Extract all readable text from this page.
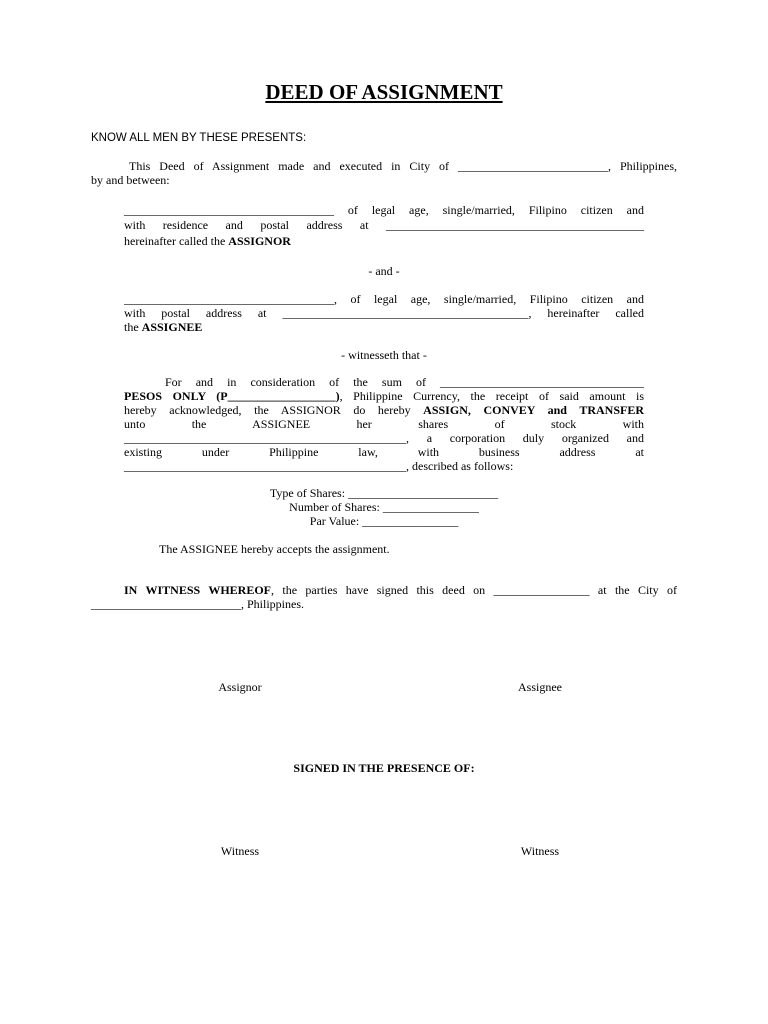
DEED OF ASSIGNMENT
KNOW ALL MEN BY THESE PRESENTS:
This Deed of Assignment made and executed in City of _________________________, Philippines,
by and between:
___________________________________ of legal age, single/married, Filipino citizen and
with residence and postal address at ___________________________________________
hereinafter called the ASSIGNOR
- and -
___________________________________, of legal age, single/married, Filipino citizen and
with postal address at _________________________________________, hereinafter called
the ASSIGNEE
- witnesseth that -
For and in consideration of the sum of __________________________________
PESOS ONLY (P__________________), Philippine Currency, the receipt of said amount is
hereby acknowledged, the ASSIGNOR do hereby ASSIGN, CONVEY and TRANSFER
unto the ASSIGNEE her shares of stock with
_______________________________________________, a corporation duly organized and
existing under Philippine law, with business address at
_______________________________________________, described as follows:
Type of Shares: _________________________
Number of Shares: ________________
Par Value: ________________
The ASSIGNEE hereby accepts the assignment.
IN WITNESS WHEREOF, the parties have signed this deed on ________________ at the City of
_________________________, Philippines.
Assignor	Assignee
SIGNED IN THE PRESENCE OF:
Witness	Witness
